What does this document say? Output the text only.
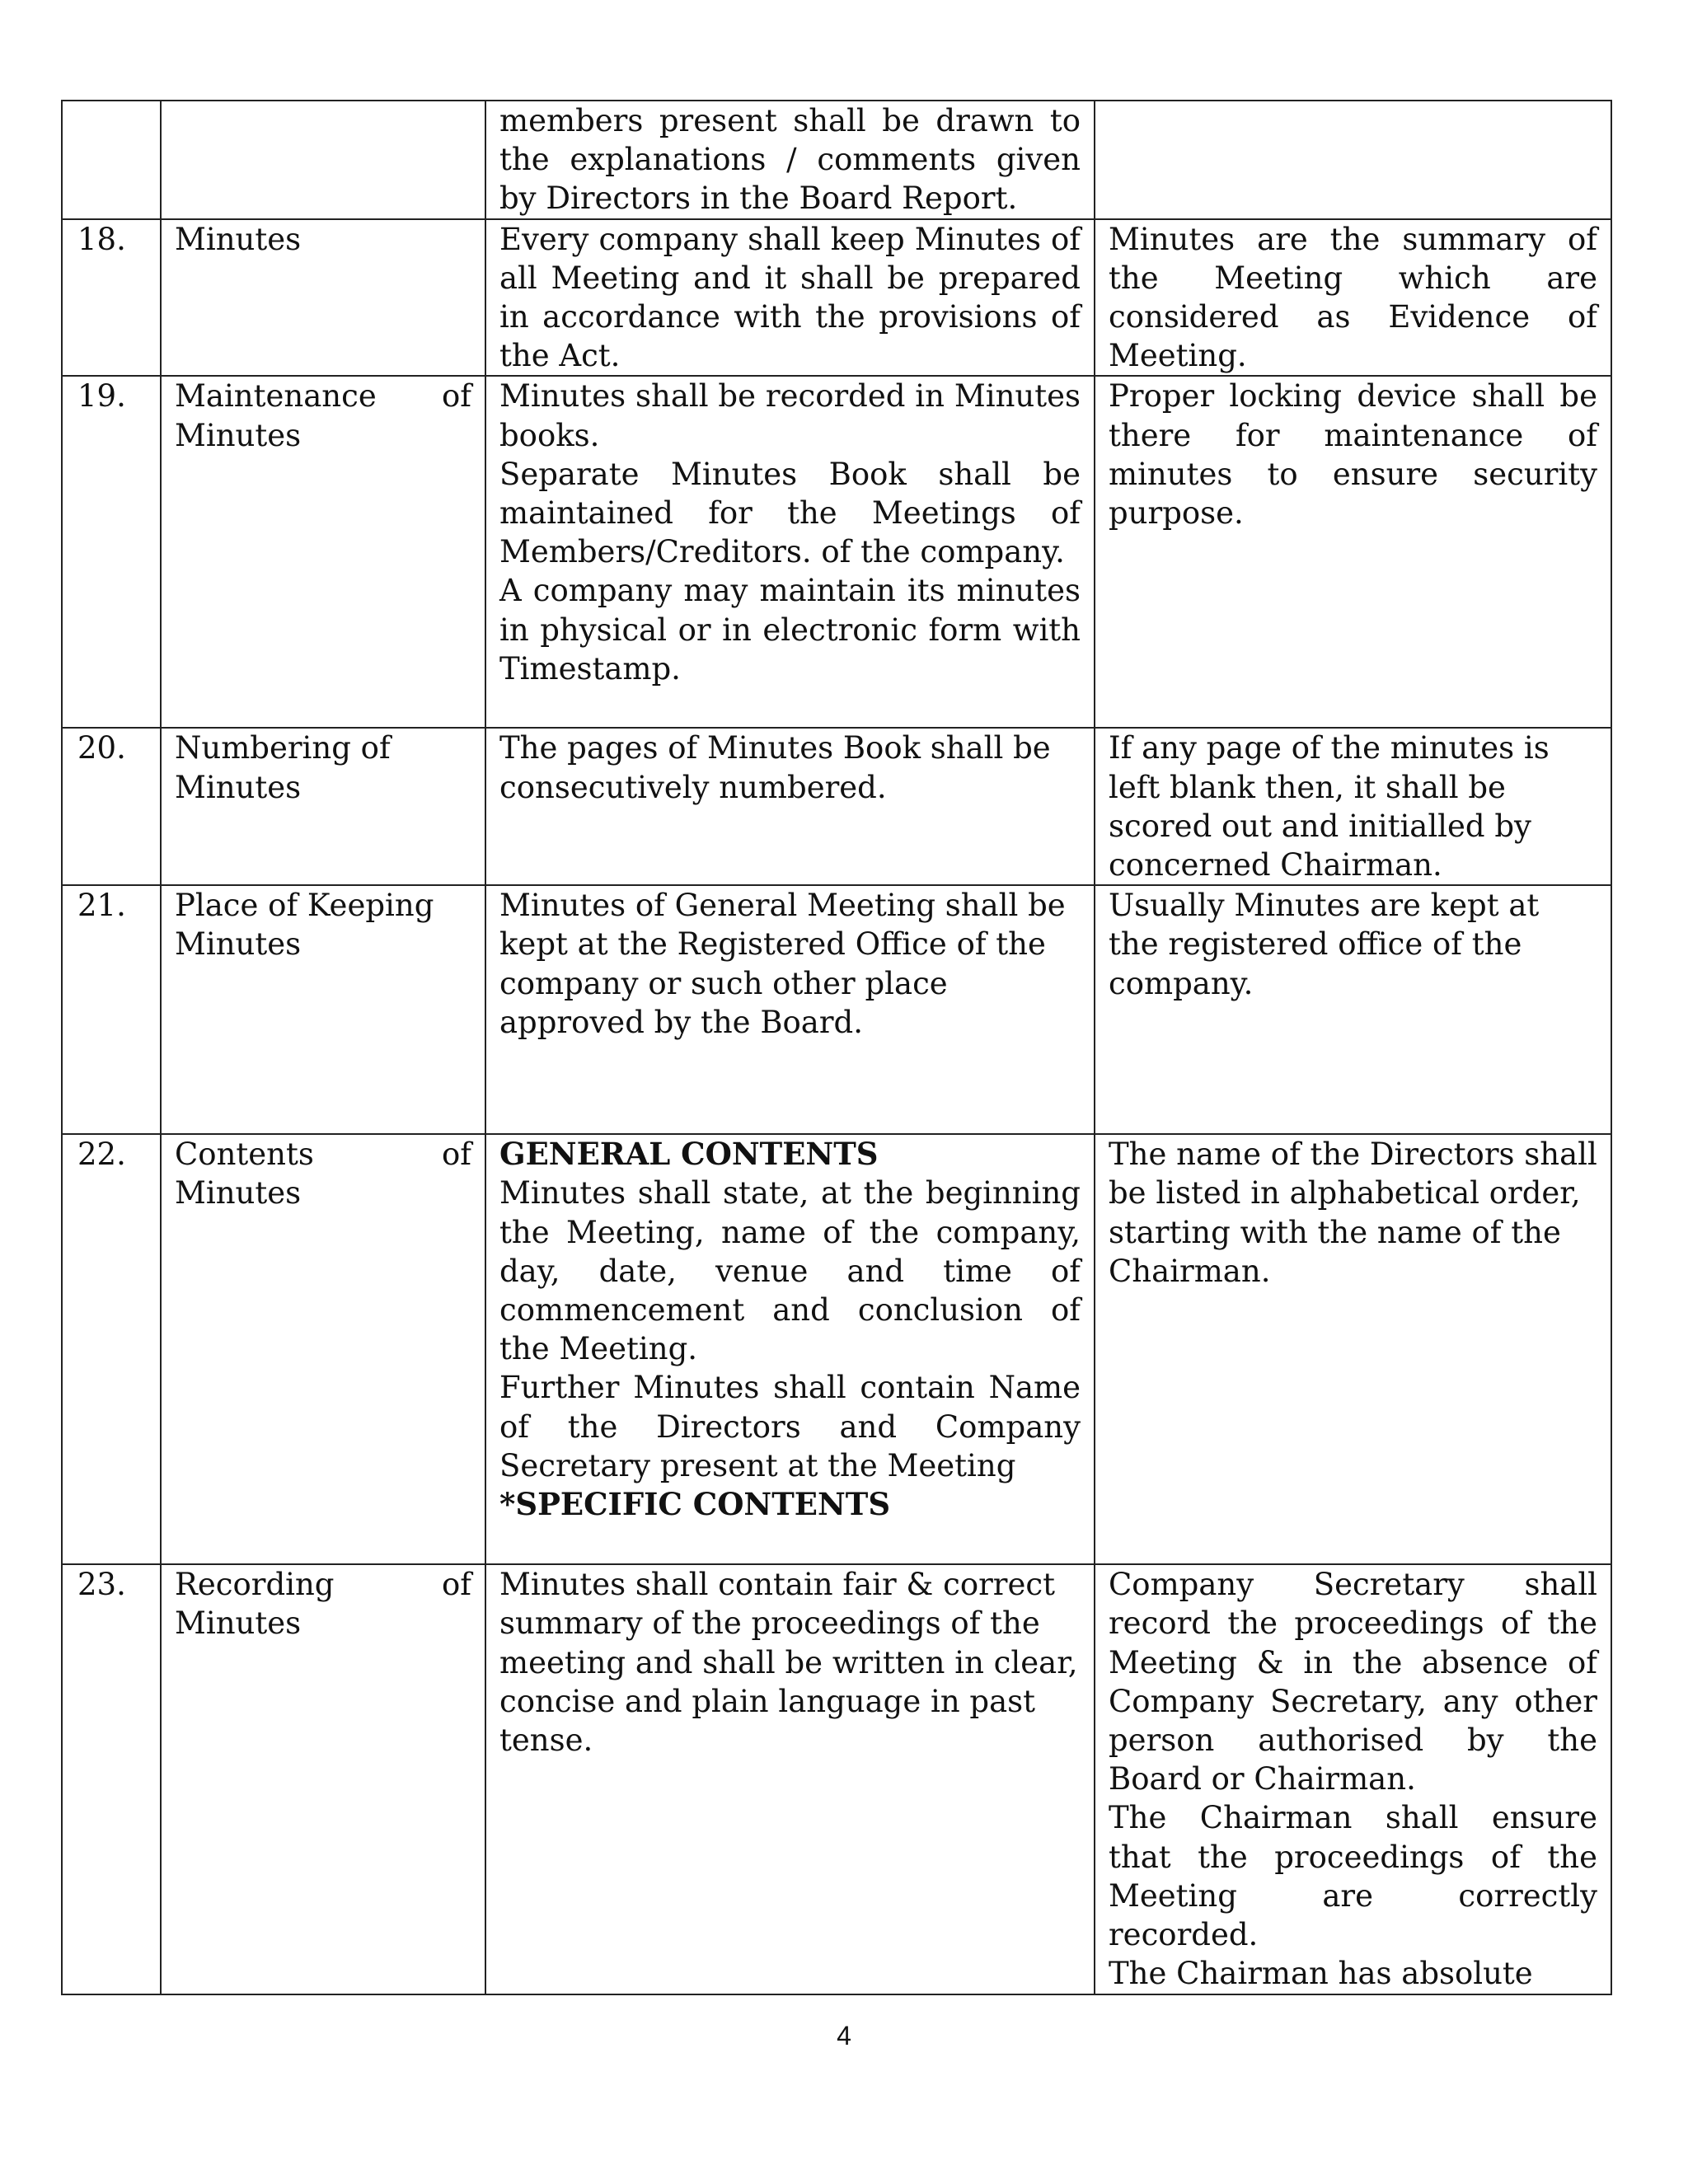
		members present shall be drawn to the explanations / comments given by Directors in the Board Report.	

18.	Minutes	Every company shall keep Minutes of all Meeting and it shall be prepared in accordance with the provisions of the Act.	Minutes are the summary of the Meeting which are considered as Evidence of Meeting.

19.	Maintenance of Minutes	Minutes shall be recorded in Minutes books.
Separate Minutes Book shall be maintained for the Meetings of Members/Creditors. of the company.
A company may maintain its minutes in physical or in electronic form with Timestamp.	Proper locking device shall be there for maintenance of minutes to ensure security purpose.

20.	Numbering of Minutes	The pages of Minutes Book shall be consecutively numbered.	If any page of the minutes is left blank then, it shall be scored out and initialled by concerned Chairman.

21.	Place of Keeping Minutes	Minutes of General Meeting shall be kept at the Registered Office of the company or such other place approved by the Board.	Usually Minutes are kept at the registered office of the company.

22.	Contents of Minutes	GENERAL CONTENTS
Minutes shall state, at the beginning the Meeting, name of the company, day, date, venue and time of commencement and conclusion of the Meeting.
Further Minutes shall contain Name of the Directors and Company Secretary present at the Meeting
*SPECIFIC CONTENTS	The name of the Directors shall be listed in alphabetical order, starting with the name of the Chairman.

23.	Recording of Minutes	Minutes shall contain fair & correct summary of the proceedings of the meeting and shall be written in clear, concise and plain language in past tense.	Company Secretary shall record the proceedings of the Meeting & in the absence of Company Secretary, any other person authorised by the Board or Chairman.
The Chairman shall ensure that the proceedings of the Meeting are correctly recorded.
The Chairman has absolute
4
